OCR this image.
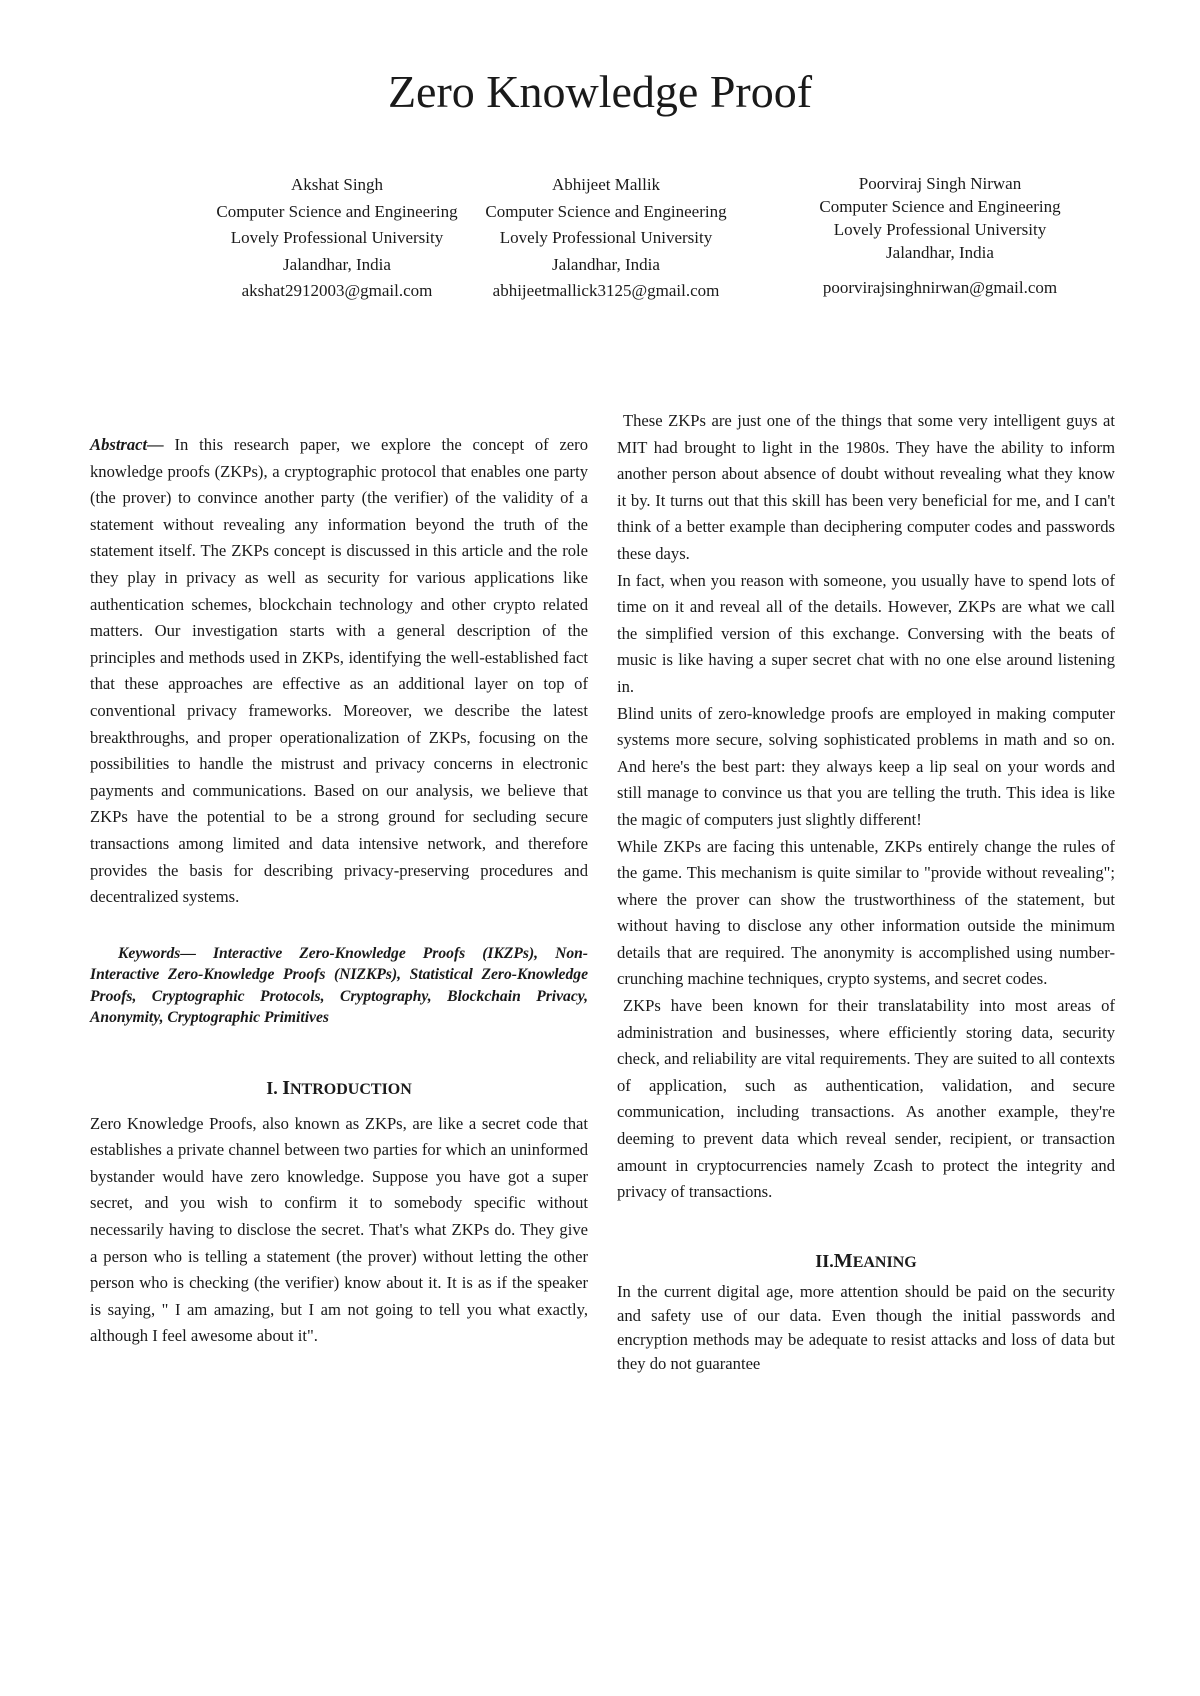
Zero Knowledge Proof
Akshat Singh
Computer Science and Engineering
Lovely Professional University
Jalandhar, India
akshat2912003@gmail.com
Abhijeet Mallik
Computer Science and Engineering
Lovely Professional University
Jalandhar, India
abhijeetmallick3125@gmail.com
Poorviraj Singh Nirwan
Computer Science and Engineering
Lovely Professional University
Jalandhar, India
poorvirajsinghnirwan@gmail.com

Abstract— In this research paper, we explore the concept of zero knowledge proofs (ZKPs), a cryptographic protocol that enables one party (the prover) to convince another party (the verifier) of the validity of a statement without revealing any information beyond the truth of the statement itself. The ZKPs concept is discussed in this article and the role they play in privacy as well as security for various applications like authentication schemes, blockchain technology and other crypto related matters. Our investigation starts with a general description of the principles and methods used in ZKPs, identifying the well-established fact that these approaches are effective as an additional layer on top of conventional privacy frameworks. Moreover, we describe the latest breakthroughs, and proper operationalization of ZKPs, focusing on the possibilities to handle the mistrust and privacy concerns in electronic payments and communications. Based on our analysis, we believe that ZKPs have the potential to be a strong ground for secluding secure transactions among limited and data intensive network, and therefore provides the basis for describing privacy-preserving procedures and decentralized systems.

Keywords— Interactive Zero-Knowledge Proofs (IKZPs), Non-Interactive Zero-Knowledge Proofs (NIZKPs), Statistical Zero-Knowledge Proofs, Cryptographic Protocols, Cryptography, Blockchain Privacy, Anonymity, Cryptographic Primitives

I. INTRODUCTION

Zero Knowledge Proofs, also known as ZKPs, are like a secret code that establishes a private channel between two parties for which an uninformed bystander would have zero knowledge. Suppose you have got a super secret, and you wish to confirm it to somebody specific without necessarily having to disclose the secret. That's what ZKPs do. They give a person who is telling a statement (the prover) without letting the other person who is checking (the verifier) know about it. It is as if the speaker is saying, " I am amazing, but I am not going to tell you what exactly, although I feel awesome about it".

These ZKPs are just one of the things that some very intelligent guys at MIT had brought to light in the 1980s. They have the ability to inform another person about absence of doubt without revealing what they know it by. It turns out that this skill has been very beneficial for me, and I can't think of a better example than deciphering computer codes and passwords these days.

In fact, when you reason with someone, you usually have to spend lots of time on it and reveal all of the details. However, ZKPs are what we call the simplified version of this exchange. Conversing with the beats of music is like having a super secret chat with no one else around listening in.

Blind units of zero-knowledge proofs are employed in making computer systems more secure, solving sophisticated problems in math and so on. And here's the best part: they always keep a lip seal on your words and still manage to convince us that you are telling the truth. This idea is like the magic of computers just slightly different!

While ZKPs are facing this untenable, ZKPs entirely change the rules of the game. This mechanism is quite similar to "provide without revealing"; where the prover can show the trustworthiness of the statement, but without having to disclose any other information outside the minimum details that are required. The anonymity is accomplished using number-crunching machine techniques, crypto systems, and secret codes.

ZKPs have been known for their translatability into most areas of administration and businesses, where efficiently storing data, security check, and reliability are vital requirements. They are suited to all contexts of application, such as authentication, validation, and secure communication, including transactions. As another example, they're deeming to prevent data which reveal sender, recipient, or transaction amount in cryptocurrencies namely Zcash to protect the integrity and privacy of transactions.

II.MEANING

In the current digital age, more attention should be paid on the security and safety use of our data. Even though the initial passwords and encryption methods may be adequate to resist attacks and loss of data but they do not guarantee
